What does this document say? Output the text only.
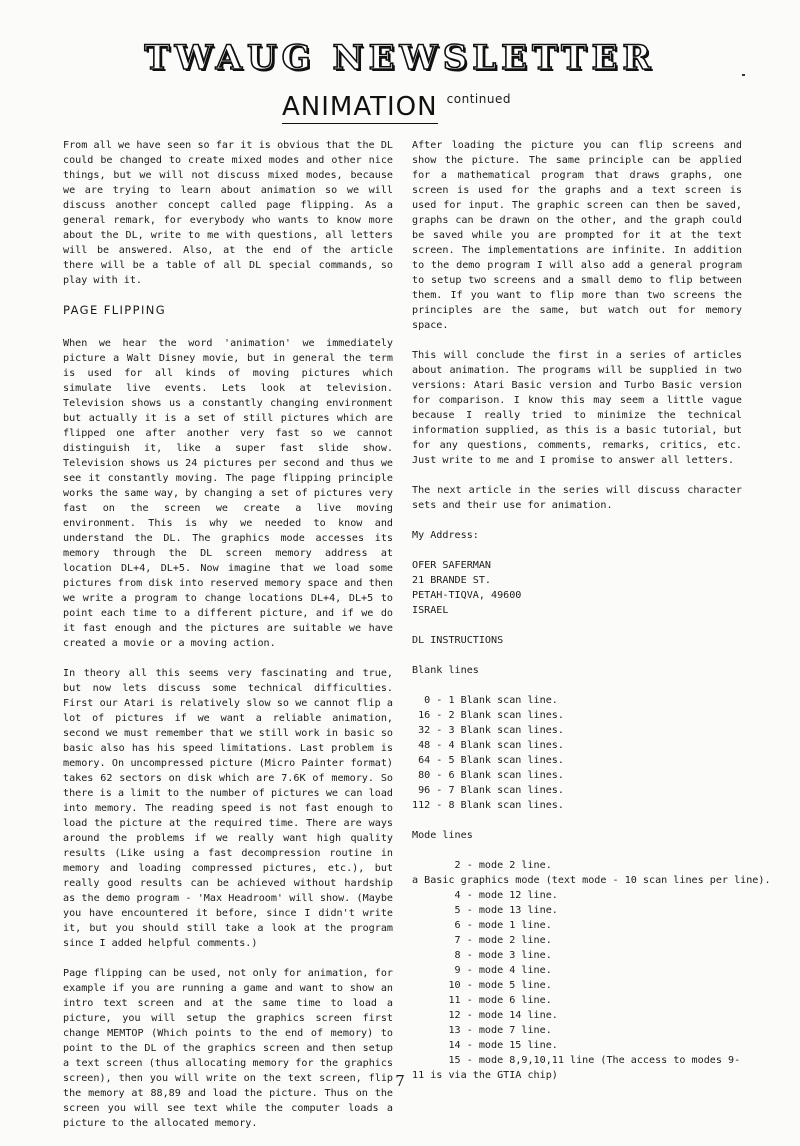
TWAUG NEWSLETTER
ANIMATION $^{continued}$

From all we have seen so far it is obvious that the DL could be changed to create mixed modes and other nice things, but we will not discuss mixed modes, because we are trying to learn about animation so we will discuss another concept called page flipping. As a general remark, for everybody who wants to know more about the DL, write to me with questions, all letters will be answered. Also, at the end of the article there will be a table of all DL special commands, so play with it.

PAGE FLIPPING

When we hear the word 'animation' we immediately picture a Walt Disney movie, but in general the term is used for all kinds of moving pictures which simulate live events. Lets look at television. Television shows us a constantly changing environment but actually it is a set of still pictures which are flipped one after another very fast so we cannot distinguish it, like a super fast slide show. Television shows us 24 pictures per second and thus we see it constantly moving. The page flipping principle works the same way, by changing a set of pictures very fast on the screen we create a live moving environment. This is why we needed to know and understand the DL. The graphics mode accesses its memory through the DL screen memory address at location DL+4, DL+5. Now imagine that we load some pictures from disk into reserved memory space and then we write a program to change locations DL+4, DL+5 to point each time to a different picture, and if we do it fast enough and the pictures are suitable we have created a movie or a moving action.

In theory all this seems very fascinating and true, but now lets discuss some technical difficulties. First our Atari is relatively slow so we cannot flip a lot of pictures if we want a reliable animation, second we must remember that we still work in basic so basic also has his speed limitations. Last problem is memory. On uncompressed picture (Micro Painter format) takes 62 sectors on disk which are 7.6K of memory. So there is a limit to the number of pictures we can load into memory. The reading speed is not fast enough to load the picture at the required time. There are ways around the problems if we really want high quality results (Like using a fast decompression routine in memory and loading compressed pictures, etc.), but really good results can be achieved without hardship as the demo program - 'Max Headroom' will show. (Maybe you have encountered it before, since I didn't write it, but you should still take a look at the program since I added helpful comments.)

Page flipping can be used, not only for animation, for example if you are running a game and want to show an intro text screen and at the same time to load a picture, you will setup the graphics screen first change MEMTOP (Which points to the end of memory) to point to the DL of the graphics screen and then setup a text screen (thus allocating memory for the graphics screen), then you will write on the text screen, flip the memory at 88,89 and load the picture. Thus on the screen you will see text while the computer loads a picture to the allocated memory.

After loading the picture you can flip screens and show the picture. The same principle can be applied for a mathematical program that draws graphs, one screen is used for the graphs and a text screen is used for input. The graphic screen can then be saved, graphs can be drawn on the other, and the graph could be saved while you are prompted for it at the text screen. The implementations are infinite. In addition to the demo program I will also add a general program to setup two screens and a small demo to flip between them. If you want to flip more than two screens the principles are the same, but watch out for memory space.

This will conclude the first in a series of articles about animation. The programs will be supplied in two versions: Atari Basic version and Turbo Basic version for comparison. I know this may seem a little vague because I really tried to minimize the technical information supplied, as this is a basic tutorial, but for any questions, comments, remarks, critics, etc. Just write to me and I promise to answer all letters.

The next article in the series will discuss character sets and their use for animation.

My Address:

OFER SAFERMAN

21 BRANDE ST.

PETAH-TIQVA, 49600

ISRAEL

DL INSTRUCTIONS

Blank lines

0 - 1 Blank scan line.
16 - 2 Blank scan lines.
32 - 3 Blank scan lines.
48 - 4 Blank scan lines.
64 - 5 Blank scan lines.
80 - 6 Blank scan lines.
96 - 7 Blank scan lines.
112 - 8 Blank scan lines.

Mode lines

2 - mode 2 line.
a Basic graphics mode (text mode - 10 scan lines per line).
4 - mode 12 line.
5 - mode 13 line.
6 - mode 1 line.
7 - mode 2 line.
8 - mode 3 line.
9 - mode 4 line.
10 - mode 5 line.
11 - mode 6 line.
12 - mode 14 line.
13 - mode 7 line.
14 - mode 15 line.
15 - mode 8,9,10,11 line (The access to modes 9-11 is via the GTIA chip)
7
